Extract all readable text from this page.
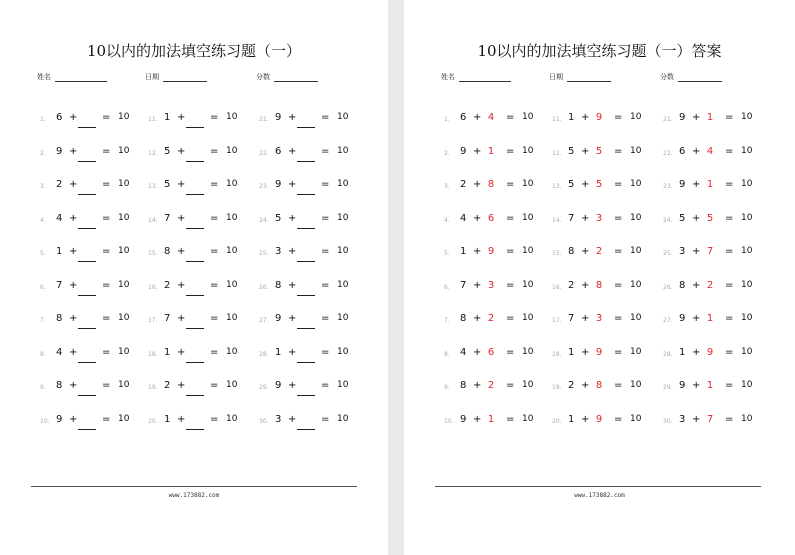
10以内的加法填空练习题（一）
姓名	日期	分数
1. 6 + = 10
2. 9 + = 10
3. 2 + = 10
4. 4 + = 10
5. 1 + = 10
6. 7 + = 10
7. 8 + = 10
8. 4 + = 10
9. 8 + = 10
10. 9 + = 10
11. 1 + = 10
12. 5 + = 10
13. 5 + = 10
14. 7 + = 10
15. 8 + = 10
16. 2 + = 10
17. 7 + = 10
18. 1 + = 10
19. 2 + = 10
20. 1 + = 10
21. 9 + = 10
22. 6 + = 10
23. 9 + = 10
24. 5 + = 10
25. 3 + = 10
26. 8 + = 10
27. 9 + = 10
28. 1 + = 10
29. 9 + = 10
30. 3 + = 10
www.173882.com
10以内的加法填空练习题（一）答案
姓名	日期	分数
1. 6 + 4	= 10
2. 9 + 1	= 10
3. 2 + 8	= 10
4. 4 + 6	= 10
5. 1 + 9	= 10
6. 7 + 3	= 10
7. 8 + 2	= 10
8. 4 + 6	= 10
9. 8 + 2	= 10
10. 9 + 1	= 10
11. 1 + 9	= 10
12. 5 + 5	= 10
13. 5 + 5	= 10
14. 7 + 3	= 10
15. 8 + 2	= 10
16. 2 + 8	= 10
17. 7 + 3	= 10
18. 1 + 9	= 10
19. 2 + 8	= 10
20. 1 + 9	= 10
21. 9 + 1	= 10
22. 6 + 4	= 10
23. 9 + 1	= 10
24. 5 + 5	= 10
25. 3 + 7	= 10
26. 8 + 2	= 10
27. 9 + 1	= 10
28. 1 + 9	= 10
29. 9 + 1	= 10
30. 3 + 7	= 10
www.173882.com
